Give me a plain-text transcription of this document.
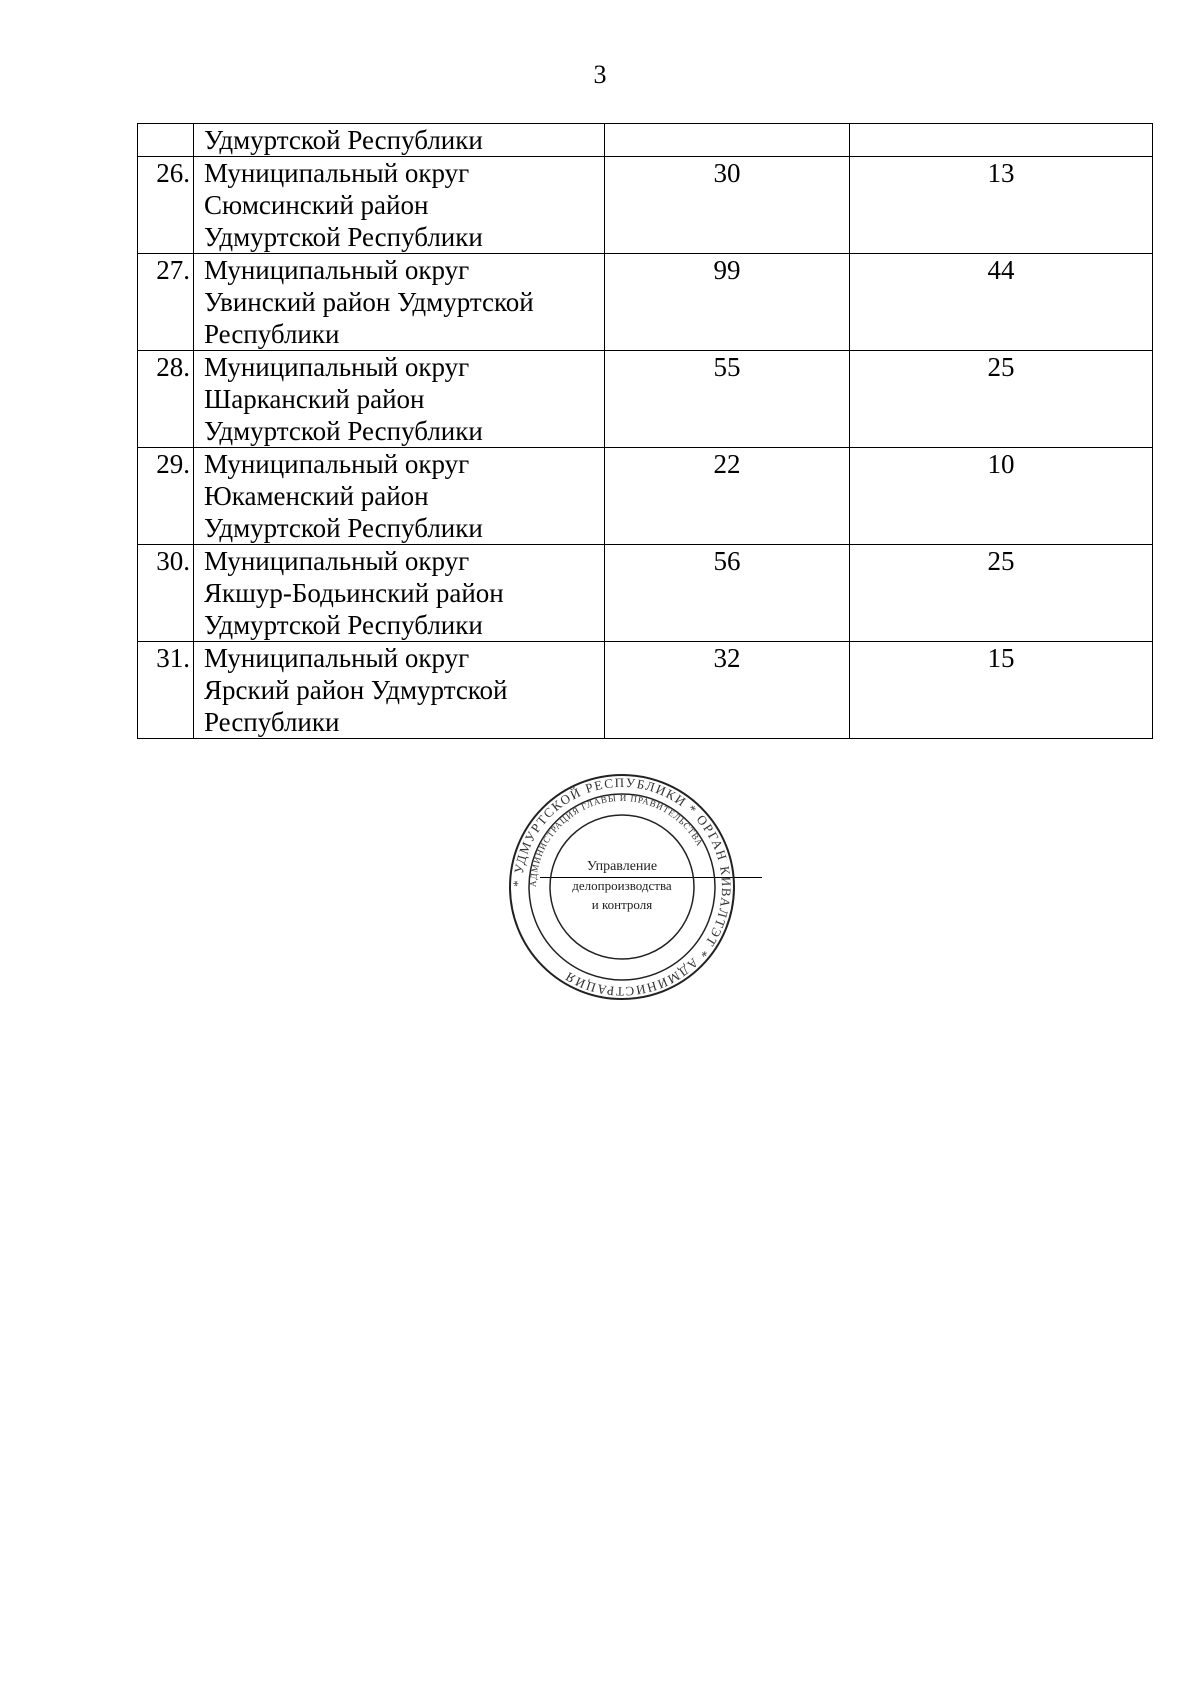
3

	Удмуртской Республики		

26.	Муниципальный округ
Сюмсинский район
Удмуртской Республики	30	13
27.	Муниципальный округ
Увинский район Удмуртской
Республики	99	44
28.	Муниципальный округ
Шарканский район
Удмуртской Республики	55	25
29.	Муниципальный округ
Юкаменский район
Удмуртской Республики	22	10
30.	Муниципальный округ
Якшур-Бодьинский район
Удмуртской Республики	56	25
31.	Муниципальный округ
Ярский район Удмуртской
Республики	32	15
* УДМУРТСКОЙ РЕСПУБЛИКИ * ОРГАН КИВАЛТЭТ * АДМИНИСТРАЦИЯ
АДМИНИСТРАЦИЯ ГЛАВЫ И ПРАВИТЕЛЬСТВА
Управление
делопроизводства
и контроля
